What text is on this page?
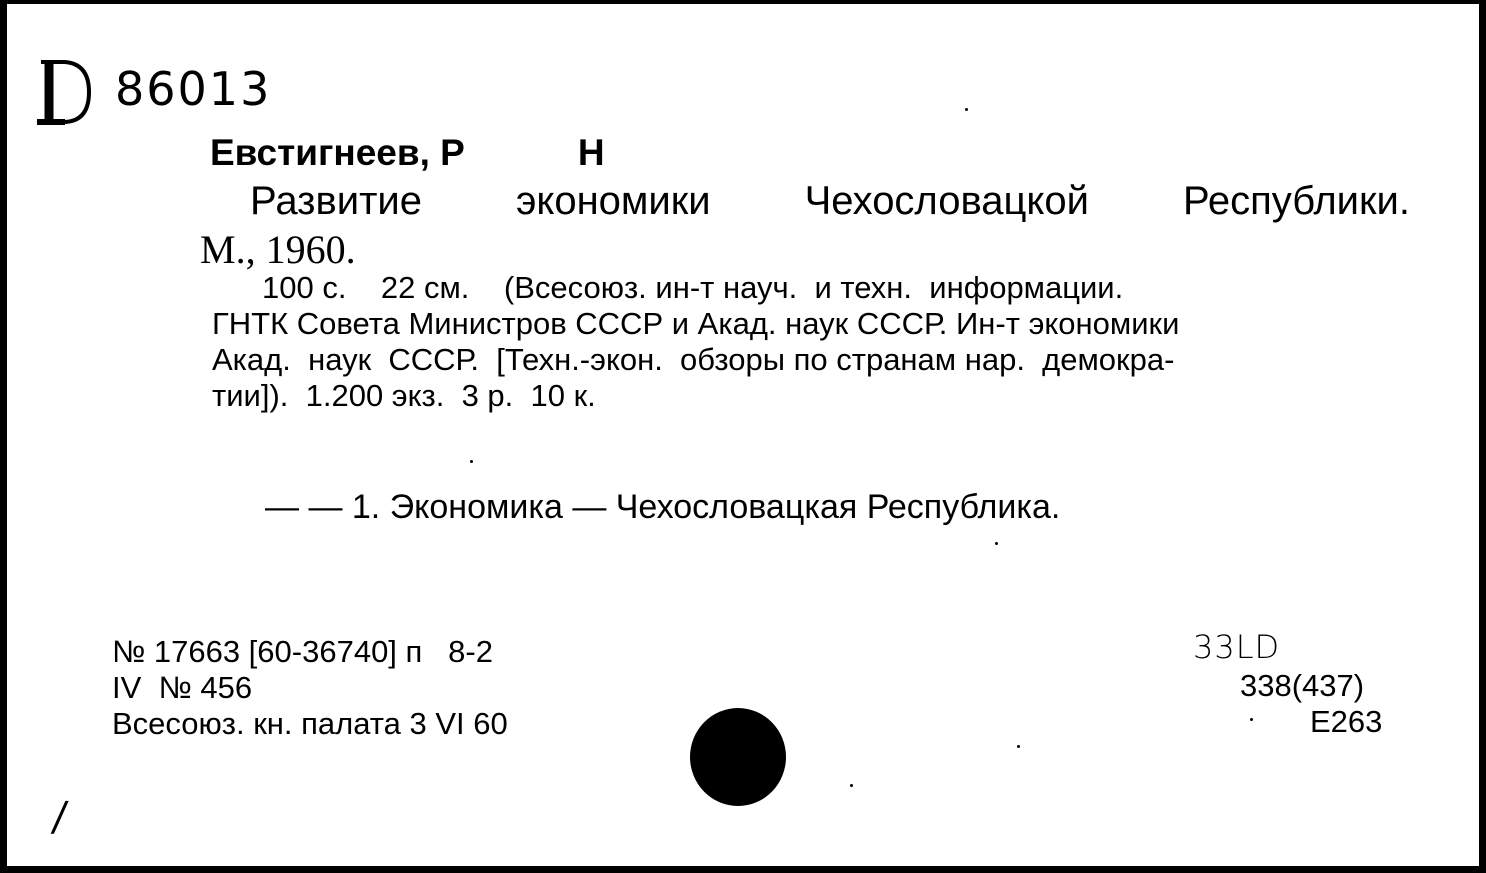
86013
Евстигнеев, Р           Н
Развитие экономики Чехословацкой Республики.
М., 1960.
100 с.    22 см.    (Всесоюз. ин-т науч.  и техн.  информации.
ГНТК Совета Министров СССР и Акад. наук СССР. Ин-т экономики
Акад.  наук  СССР.  [Техн.-экон.  обзоры по странам нар.  демокра-
тии]).  1.200 экз.  3 р.  10 к.
— — 1. Экономика — Чехословацкая Республика.
№ 17663 [60-36740] п   8-2
IV  № 456
Всесоюз. кн. палата 3 VI 60
33LD
338(437)
Е263
/
